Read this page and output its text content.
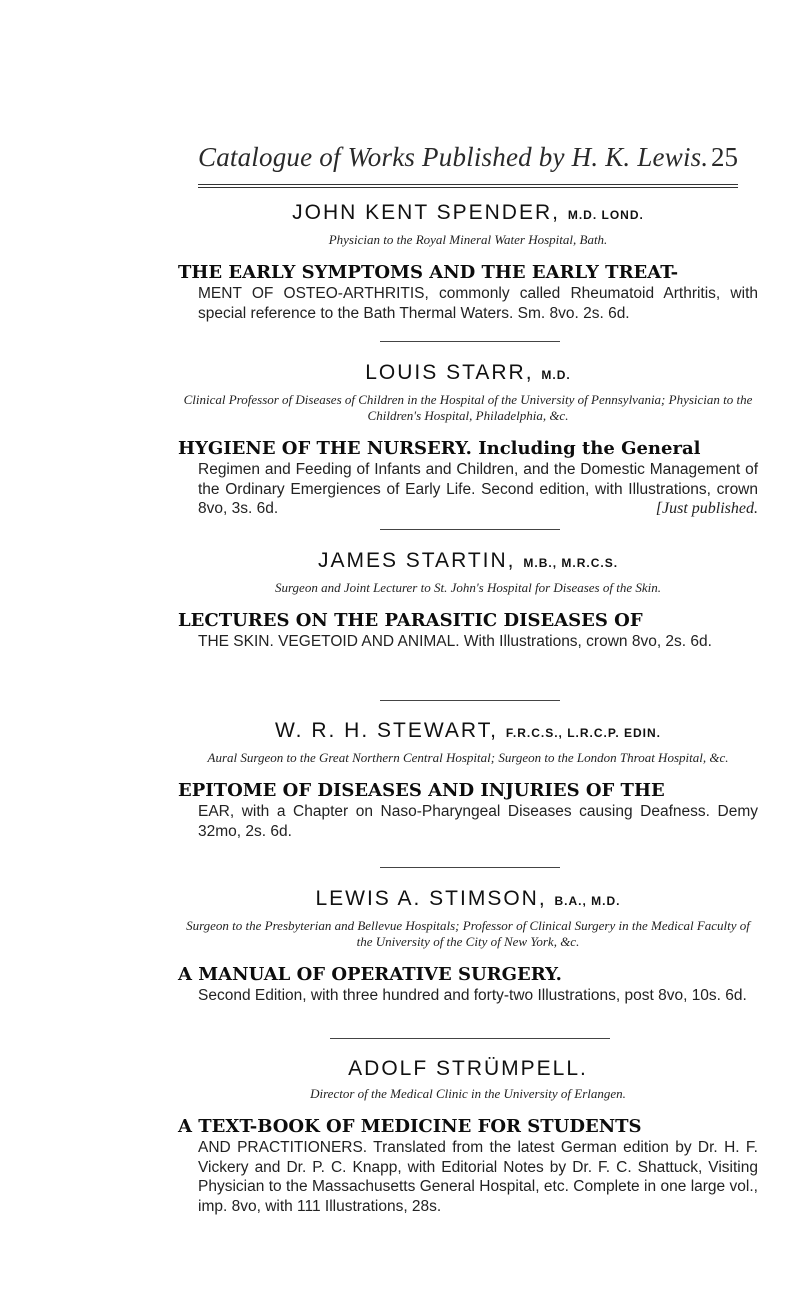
Catalogue of Works Published by H. K. Lewis. 25

JOHN KENT SPENDER, M.D. LOND.

Physician to the Royal Mineral Water Hospital, Bath.

THE EARLY SYMPTOMS AND THE EARLY TREAT-

MENT OF OSTEO-ARTHRITIS, commonly called Rheumatoid Arthritis, with special reference to the Bath Thermal Waters. Sm. 8vo. 2s. 6d.

LOUIS STARR, M.D.

Clinical Professor of Diseases of Children in the Hospital of the University of Pennsylvania; Physician to the Children's Hospital, Philadelphia, &c.

HYGIENE OF THE NURSERY. Including the General

Regimen and Feeding of Infants and Children, and the Domestic Management of the Ordinary Emergiences of Early Life. Second edition, with Illustrations, crown 8vo, 3s. 6d.	[Just published.

JAMES STARTIN, M.B., M.R.C.S.

Surgeon and Joint Lecturer to St. John's Hospital for Diseases of the Skin.

LECTURES ON THE PARASITIC DISEASES OF

THE SKIN. VEGETOID AND ANIMAL. With Illustrations, crown 8vo, 2s. 6d.

W. R. H. STEWART, F.R.C.S., L.R.C.P. EDIN.

Aural Surgeon to the Great Northern Central Hospital; Surgeon to the London Throat Hospital, &c.

EPITOME OF DISEASES AND INJURIES OF THE

EAR, with a Chapter on Naso-Pharyngeal Diseases causing Deafness. Demy 32mo, 2s. 6d.

LEWIS A. STIMSON, B.A., M.D.

Surgeon to the Presbyterian and Bellevue Hospitals; Professor of Clinical Surgery in the Medical Faculty of the University of the City of New York, &c.

A MANUAL OF OPERATIVE SURGERY.

Second Edition, with three hundred and forty-two Illustrations, post 8vo, 10s. 6d.

ADOLF STRÜMPELL.

Director of the Medical Clinic in the University of Erlangen.

A TEXT-BOOK OF MEDICINE FOR STUDENTS

AND PRACTITIONERS. Translated from the latest German edition by Dr. H. F. Vickery and Dr. P. C. Knapp, with Editorial Notes by Dr. F. C. Shattuck, Visiting Physician to the Massachusetts General Hospital, etc. Complete in one large vol., imp. 8vo, with 111 Illustrations, 28s.
